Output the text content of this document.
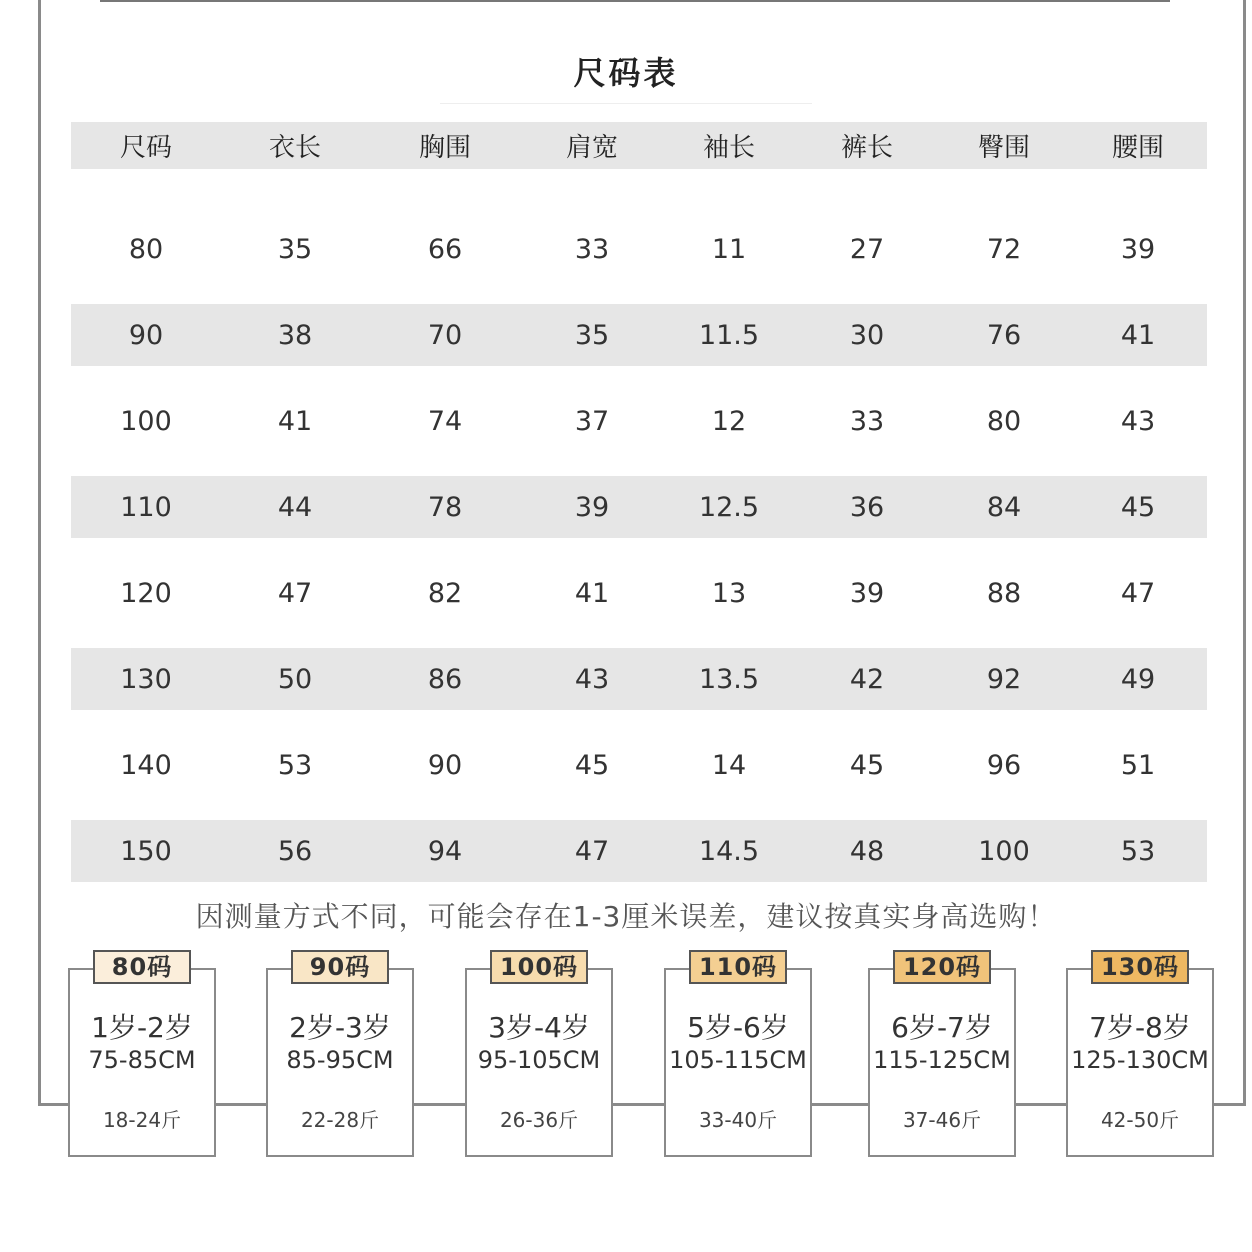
尺码表
尺码	衣长	胸围	肩宽	袖长	裤长	臀围	腰围
80	35	66	33	11	27	72	39
90	38	70	35	11.5	30	76	41
100	41	74	37	12	33	80	43
110	44	78	39	12.5	36	84	45
120	47	82	41	13	39	88	47
130	50	86	43	13.5	42	92	49
140	53	90	45	14	45	96	51
150	56	94	47	14.5	48	100	53
因测量方式不同，可能会存在1-3厘米误差，建议按真实身高选购！
80码
1岁-2岁
75-85CM
18-24斤
90码
2岁-3岁
85-95CM
22-28斤
100码
3岁-4岁
95-105CM
26-36斤
110码
5岁-6岁
105-115CM
33-40斤
120码
6岁-7岁
115-125CM
37-46斤
130码
7岁-8岁
125-130CM
42-50斤
